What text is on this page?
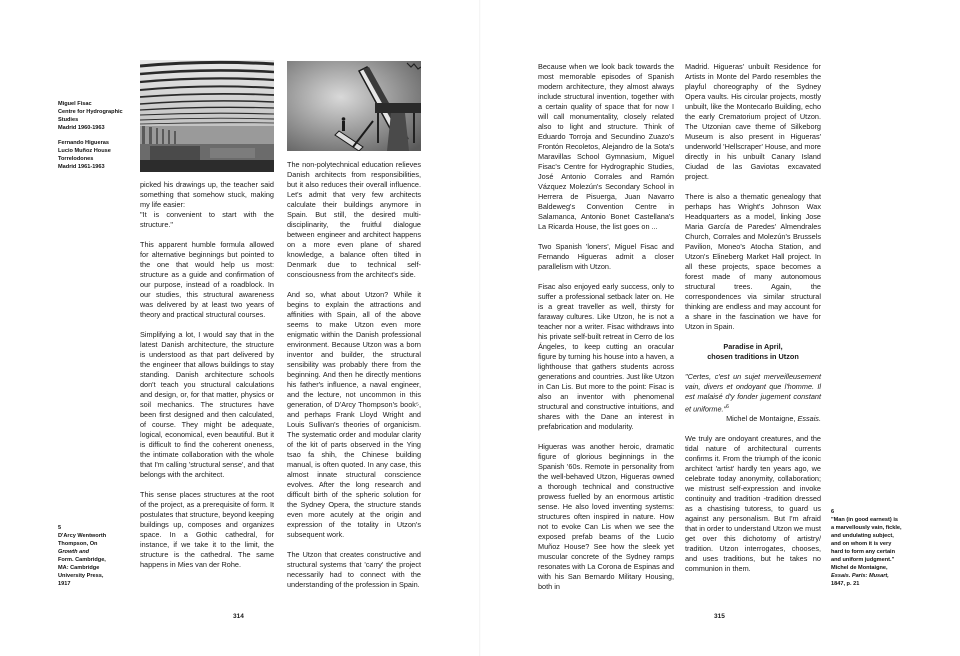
Miguel Fisac
Centre for Hydrographic
Studies
Madrid 1960-1963

Fernando Higueras
Lucio Muñoz House
Torrelodones
Madrid 1961-1963

picked his drawings up, the teacher said something that somehow stuck, making my life easier:

"It is convenient to start with the structure."

This apparent humble formula allowed for alternative beginnings but pointed to the one that would help us most: structure as a guide and confirmation of our purpose, instead of a roadblock. In our studies, this structural awareness was delivered by at least two years of theory and practical structural courses.

Simplifying a lot, I would say that in the latest Danish architecture, the structure is understood as that part delivered by the engineer that allows buildings to stay standing. Danish architecture schools don't teach you structural calculations and design, or, for that matter, physics or soil mechanics. The structures have been first designed and then calculated, of course. They might be adequate, logical, economical, even beautiful. But it is difficult to find the coherent oneness, the intimate collaboration with the whole that I'm calling 'structural sense', and that belongs with the architect.

This sense places structures at the root of the project, as a prerequisite of form. It postulates that structure, beyond keeping buildings up, composes and organizes space. In a Gothic cathedral, for instance, if we take it to the limit, the structure is the cathedral. The same happens in Mies van der Rohe.

The non-polytechnical education relieves Danish architects from responsibilities, but it also reduces their overall influence. Let's admit that very few architects calculate their buildings anymore in Spain. But still, the desired multi-disciplinarity, the fruitful dialogue between engineer and architect happens on a more even plane of shared knowledge, a balance often tilted in Denmark due to technical self-consciousness from the architect's side.

And so, what about Utzon? While it begins to explain the attractions and affinities with Spain, all of the above seems to make Utzon even more enigmatic within the Danish professional environment. Because Utzon was a born inventor and builder, the structural sensibility was probably there from the beginning. And then he directly mentions his father's influence, a naval engineer, and the lecture, not uncommon in this generation, of D'Arcy Thompson's book⁵, and perhaps Frank Lloyd Wright and Louis Sullivan's theories of organicism. The systematic order and modular clarity of the kit of parts observed in the Ying tsao fa shih, the Chinese building manual, is often quoted. In any case, this almost innate structural conscience evolves. After the long research and difficult birth of the spheric solution for the Sydney Opera, the structure stands even more acutely at the origin and expression of the totality in Utzon's subsequent work.

The Utzon that creates constructive and structural systems that 'carry' the project necessarily had to connect with the understanding of the profession in Spain.

5
D'Arcy Wentworth
Thompson, On
Growth and
Form. Cambridge,
MA: Cambridge
University Press,
1917
314

Because when we look back towards the most memorable episodes of Spanish modern architecture, they almost always include structural invention, together with a certain quality of space that for now I will call monumentality, closely related also to light and structure. Think of Eduardo Torroja and Secundino Zuazo's Frontón Recoletos, Alejandro de la Sota's Maravillas School Gymnasium, Miguel Fisac's Centre for Hydrographic Studies, José Antonio Corrales and Ramón Vázquez Molezún's Secondary School in Herrera de Pisuerga, Juan Navarro Baldeweg's Convention Centre in Salamanca, Antonio Bonet Castellana's La Ricarda House, the list goes on ...

Two Spanish 'loners', Miguel Fisac and Fernando Higueras admit a closer parallelism with Utzon.

Fisac also enjoyed early success, only to suffer a professional setback later on. He is a great traveller as well, thirsty for faraway cultures. Like Utzon, he is not a teacher nor a writer. Fisac withdraws into his private self-built retreat in Cerro de los Ángeles, to keep cutting an oracular figure by turning his house into a haven, a lighthouse that gathers students across generations and countries. Just like Utzon in Can Lis. But more to the point: Fisac is also an inventor with phenomenal structural and constructive intuitions, and shares with the Dane an interest in prefabrication and modularity.

Higueras was another heroic, dramatic figure of glorious beginnings in the Spanish '60s. Remote in personality from the well-behaved Utzon, Higueras owned a thorough technical and constructive prowess fuelled by an enormous artistic sense. He also loved inventing systems: structures often inspired in nature. How not to evoke Can Lis when we see the exposed prefab beams of the Lucio Muñoz House? See how the sleek yet muscular concrete of the Sydney ramps resonates with La Corona de Espinas and with his San Bernardo Military Housing, both in

Madrid. Higueras' unbuilt Residence for Artists in Monte del Pardo resembles the playful choreography of the Sydney Opera vaults. His circular projects, mostly unbuilt, like the Montecarlo Building, echo the early Crematorium project of Utzon. The Utzonian cave theme of Silkeborg Museum is also present in Higueras' underworld 'Hellscraper' House, and more directly in his unbuilt Canary Island Ciudad de las Gaviotas excavated project.

There is also a thematic genealogy that perhaps has Wright's Johnson Wax Headquarters as a model, linking Jose Maria García de Paredes' Almendrales Church, Corrales and Molezún's Brussels Pavilion, Moneo's Atocha Station, and Utzon's Elineberg Market Hall project. In all these projects, space becomes a forest made of many autonomous structural trees. Again, the correspondences via similar structural thinking are endless and may account for a share in the fascination we have for Utzon in Spain.

Paradise in April,
chosen traditions in Utzon

"Certes, c'est un sujet merveilleusement vain, divers et ondoyant que l'homme. Il est malaisé d'y fonder jugement constant et uniforme."$^6$

Michel de Montaigne, Essais.

We truly are ondoyant creatures, and the tidal nature of architectural currents confirms it. From the triumph of the iconic architect 'artist' hardly ten years ago, we celebrate today anonymity, collaboration; we mistrust self-expression and invoke continuity and tradition -tradition dressed as a chastising tutoress, to guard us against any personalism. But I'm afraid that in order to understand Utzon we must get over this dichotomy of artistry/ tradition. Utzon interrogates, chooses, and uses traditions, but he takes no communion in them.

6
"Man (in good earnest) is
a marvellously vain, fickle,
and undulating subject,
and on whom it is very
hard to form any certain
and uniform judgment."
Michel de Montaigne,
Essais. Paris: Musart,
1847, p. 21
315
